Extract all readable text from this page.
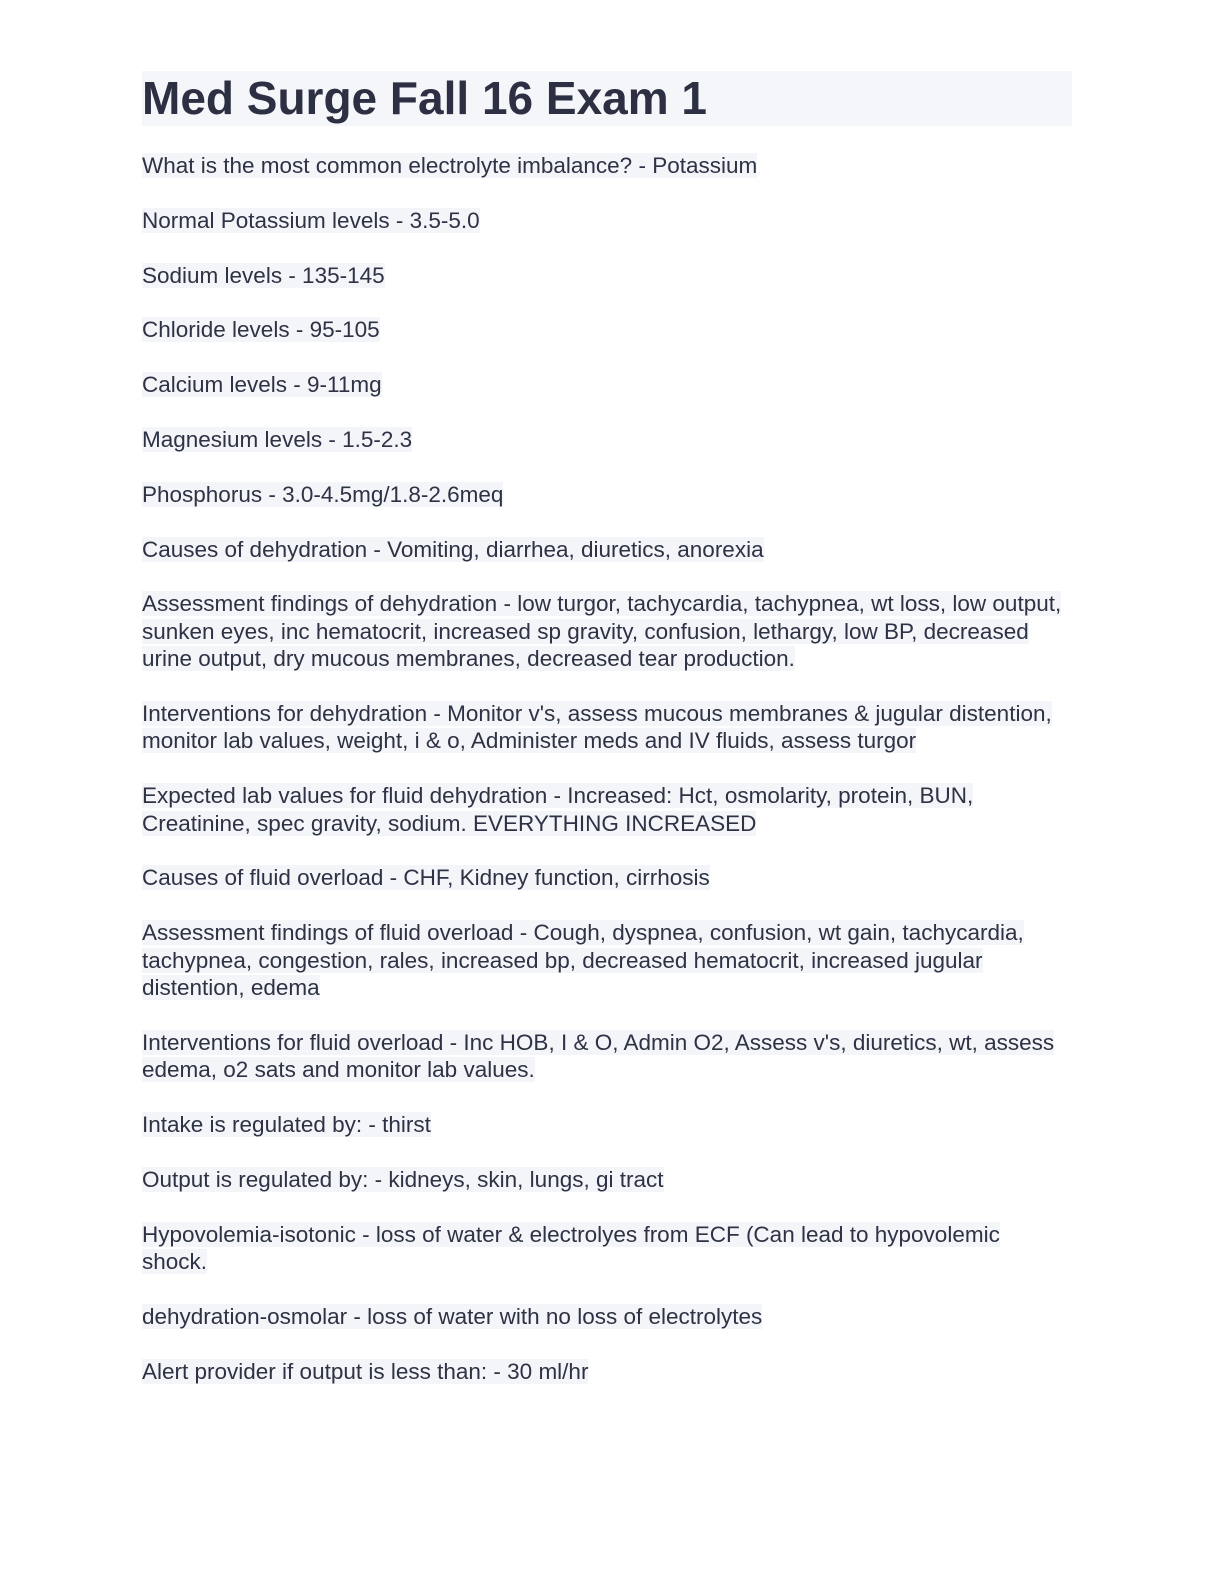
Med Surge Fall 16 Exam 1

What is the most common electrolyte imbalance? - Potassium

Normal Potassium levels - 3.5-5.0

Sodium levels - 135-145

Chloride levels - 95-105

Calcium levels - 9-11mg

Magnesium levels - 1.5-2.3

Phosphorus - 3.0-4.5mg/1.8-2.6meq

Causes of dehydration - Vomiting, diarrhea, diuretics, anorexia

Assessment findings of dehydration - low turgor, tachycardia, tachypnea, wt loss, low output, sunken eyes, inc hematocrit, increased sp gravity, confusion, lethargy, low BP, decreased urine output, dry mucous membranes, decreased tear production.

Interventions for dehydration - Monitor v's, assess mucous membranes & jugular distention, monitor lab values, weight, i & o, Administer meds and IV fluids, assess turgor

Expected lab values for fluid dehydration - Increased: Hct, osmolarity, protein, BUN, Creatinine, spec gravity, sodium. EVERYTHING INCREASED

Causes of fluid overload - CHF, Kidney function, cirrhosis

Assessment findings of fluid overload - Cough, dyspnea, confusion, wt gain, tachycardia, tachypnea, congestion, rales, increased bp, decreased hematocrit, increased jugular distention, edema

Interventions for fluid overload - Inc HOB, I & O, Admin O2, Assess v's, diuretics, wt, assess edema, o2 sats and monitor lab values.

Intake is regulated by: - thirst

Output is regulated by: - kidneys, skin, lungs, gi tract

Hypovolemia-isotonic - loss of water & electrolyes from ECF (Can lead to hypovolemic shock.

dehydration-osmolar - loss of water with no loss of electrolytes

Alert provider if output is less than: - 30 ml/hr
